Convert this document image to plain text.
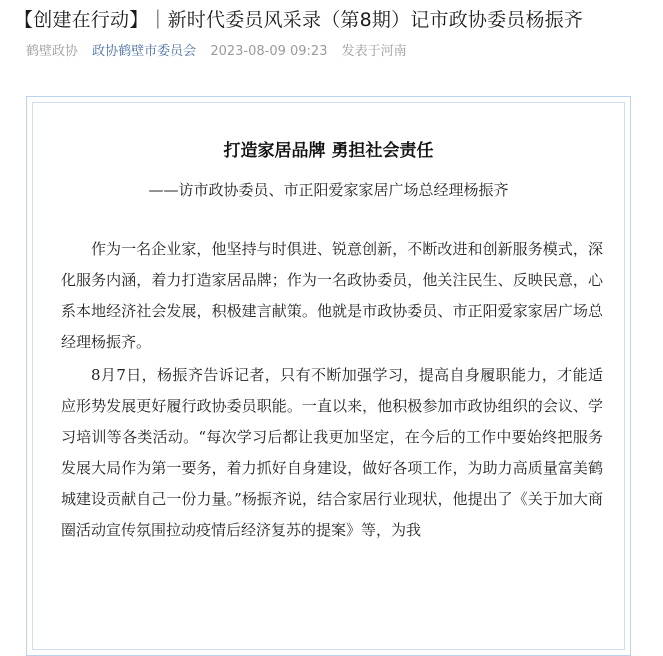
【创建在行动】｜新时代委员风采录（第8期）记市政协委员杨振齐
鹤壁政协 政协鹤壁市委员会 2023-08-09 09:23 发表于河南
打造家居品牌 勇担社会责任
——访市政协委员、市正阳爱家家居广场总经理杨振齐

作为一名企业家，他坚持与时俱进、锐意创新，不断改进和创新服务模式，深化服务内涵，着力打造家居品牌；作为一名政协委员，他关注民生、反映民意，心系本地经济社会发展，积极建言献策。他就是市政协委员、市正阳爱家家居广场总经理杨振齐。

8月7日，杨振齐告诉记者，只有不断加强学习，提高自身履职能力，才能适应形势发展更好履行政协委员职能。一直以来，他积极参加市政协组织的会议、学习培训等各类活动。“每次学习后都让我更加坚定，在今后的工作中要始终把服务发展大局作为第一要务，着力抓好自身建设，做好各项工作，为助力高质量富美鹤城建设贡献自己一份力量。”杨振齐说，结合家居行业现状，他提出了《关于加大商圈活动宣传氛围拉动疫情后经济复苏的提案》等，为我
